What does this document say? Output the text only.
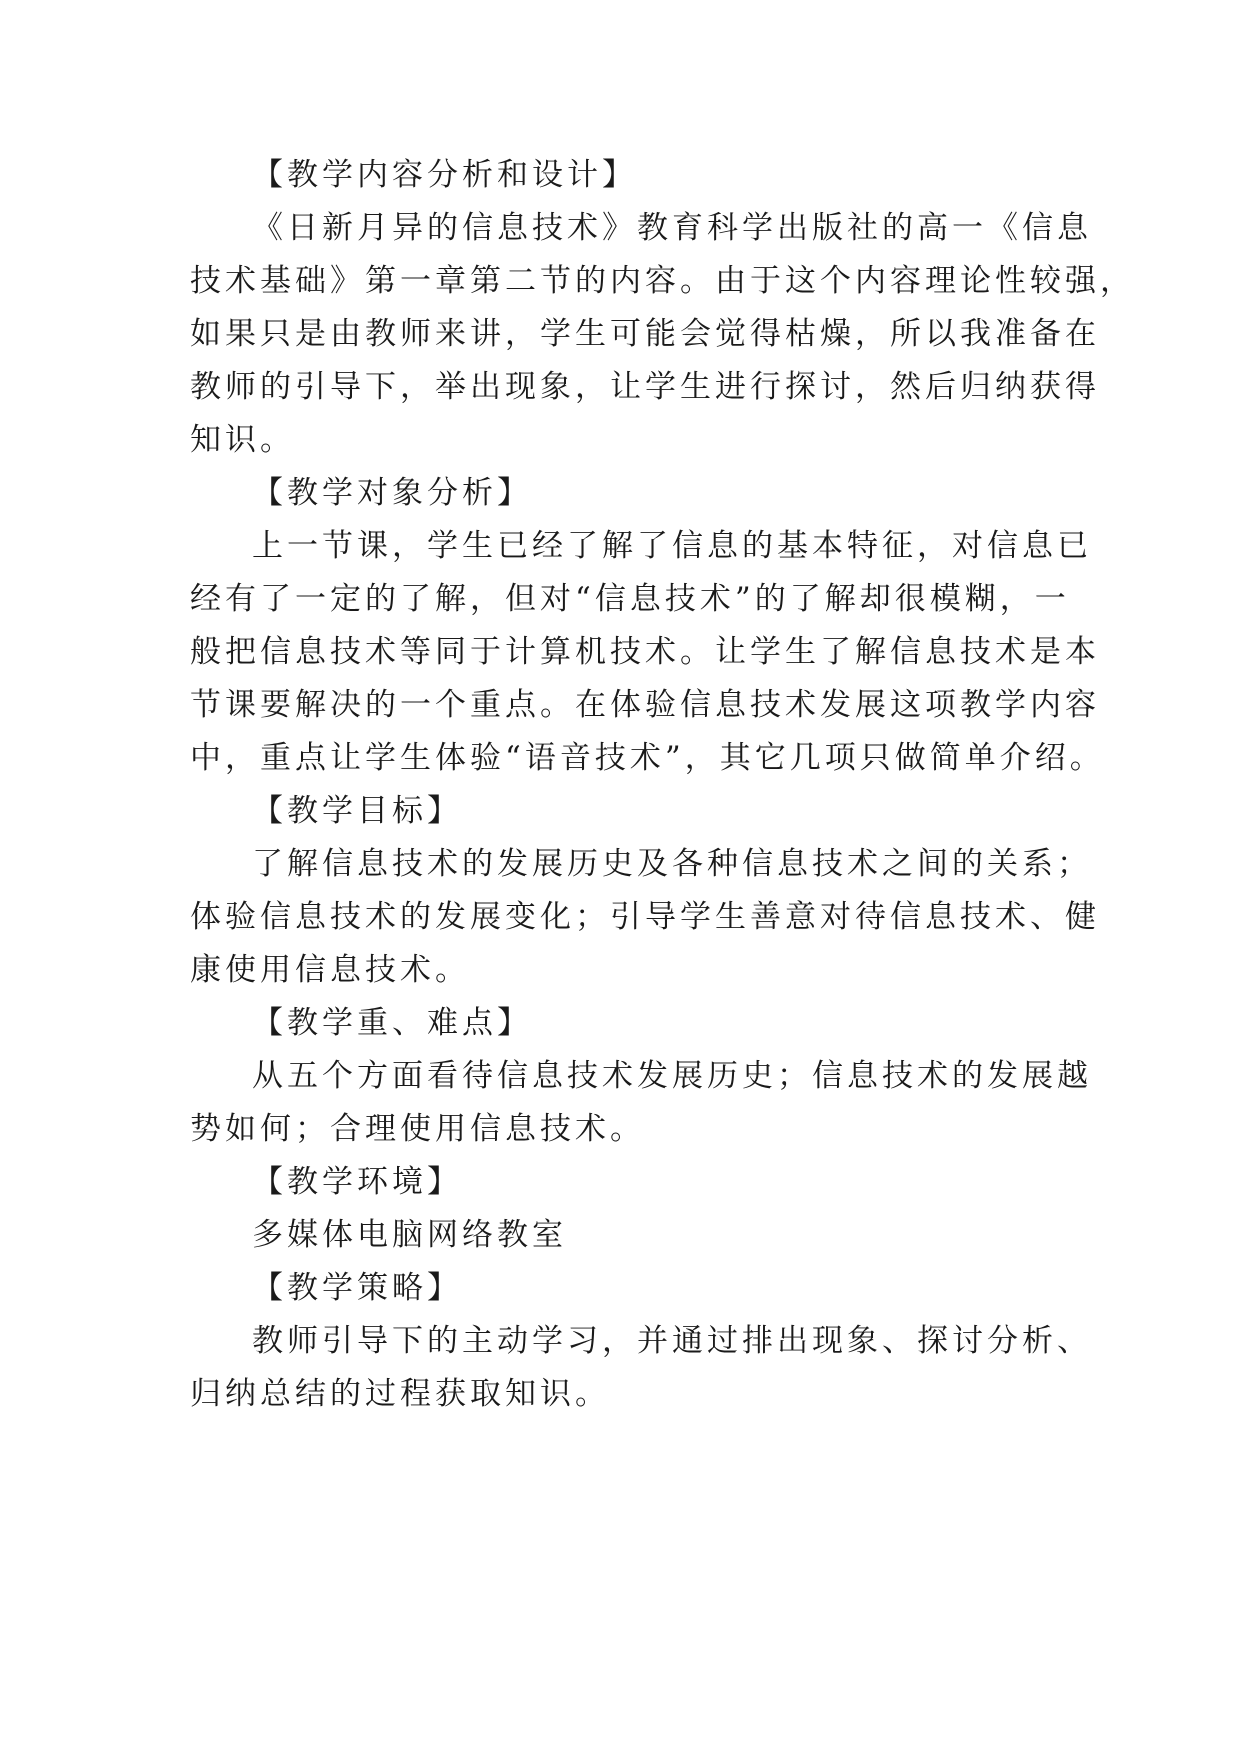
【教学内容分析和设计】
《日新月异的信息技术》教育科学出版社的高一《信息
技术基础》第一章第二节的内容。由于这个内容理论性较强，
如果只是由教师来讲，学生可能会觉得枯燥，所以我准备在
教师的引导下，举出现象，让学生进行探讨，然后归纳获得
知识。
【教学对象分析】
上一节课，学生已经了解了信息的基本特征，对信息已
经有了一定的了解，但对“信息技术”的了解却很模糊，一
般把信息技术等同于计算机技术。让学生了解信息技术是本
节课要解决的一个重点。在体验信息技术发展这项教学内容
中，重点让学生体验“语音技术”，其它几项只做简单介绍。
【教学目标】
了解信息技术的发展历史及各种信息技术之间的关系；
体验信息技术的发展变化；引导学生善意对待信息技术、健
康使用信息技术。
【教学重、难点】
从五个方面看待信息技术发展历史；信息技术的发展越
势如何；合理使用信息技术。
【教学环境】
多媒体电脑网络教室
【教学策略】
教师引导下的主动学习，并通过排出现象、探讨分析、
归纳总结的过程获取知识。
